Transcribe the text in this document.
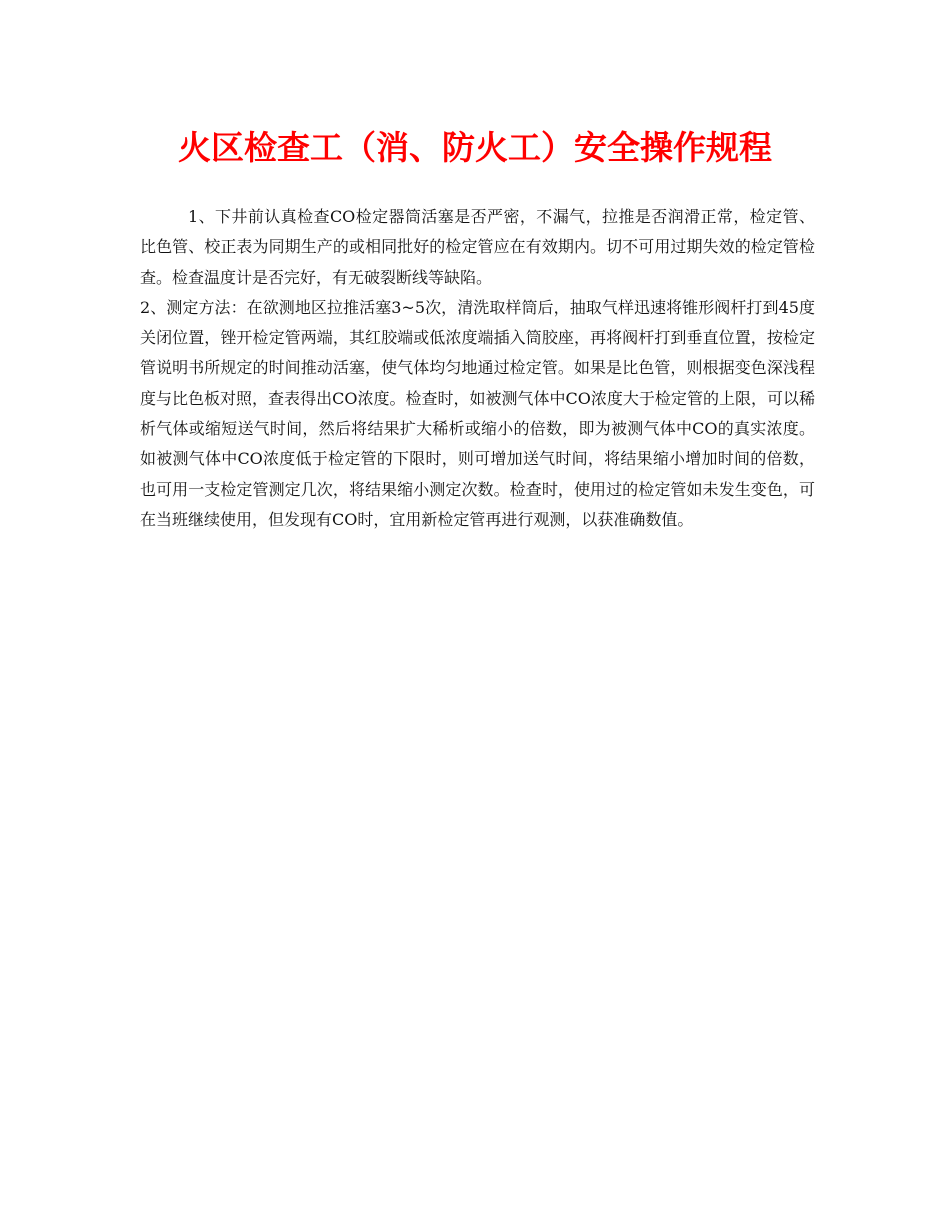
火区检查工（消、防火工）安全操作规程

1、下井前认真检查CO检定器筒活塞是否严密，不漏气，拉推是否润滑正常，检定管、比色管、校正表为同期生产的或相同批好的检定管应在有效期内。切不可用过期失效的检定管检查。检查温度计是否完好，有无破裂断线等缺陷。

2、测定方法：在欲测地区拉推活塞3~5次，清洗取样筒后，抽取气样迅速将锥形阀杆打到45度关闭位置，锉开检定管两端，其红胶端或低浓度端插入筒胶座，再将阀杆打到垂直位置，按检定管说明书所规定的时间推动活塞，使气体均匀地通过检定管。如果是比色管，则根据变色深浅程度与比色板对照，查表得出CO浓度。检查时，如被测气体中CO浓度大于检定管的上限，可以稀析气体或缩短送气时间，然后将结果扩大稀析或缩小的倍数，即为被测气体中CO的真实浓度。如被测气体中CO浓度低于检定管的下限时，则可增加送气时间，将结果缩小增加时间的倍数，也可用一支检定管测定几次，将结果缩小测定次数。检查时，使用过的检定管如未发生变色，可在当班继续使用，但发现有CO时，宜用新检定管再进行观测，以获准确数值。
